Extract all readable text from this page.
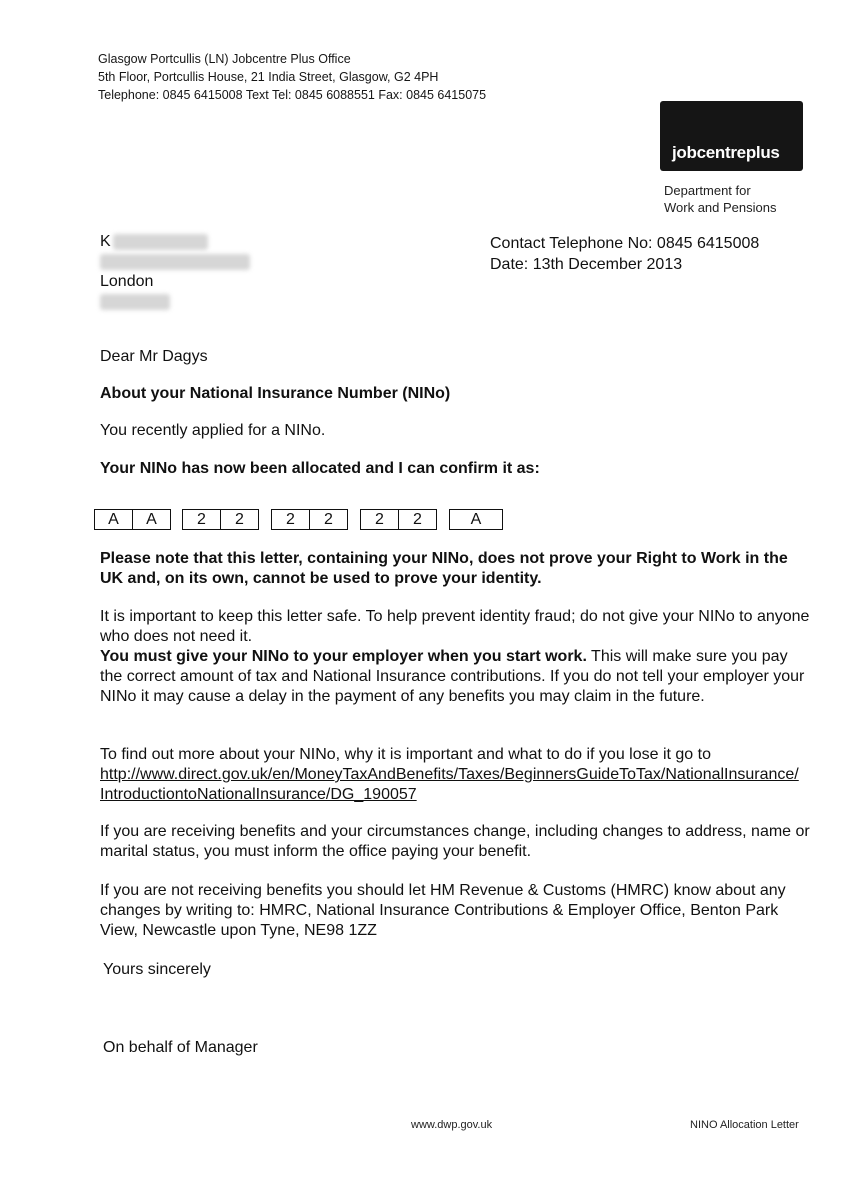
Glasgow Portcullis (LN) Jobcentre Plus Office
5th Floor, Portcullis House, 21 India Street, Glasgow, G2 4PH
Telephone: 0845 6415008 Text Tel: 0845 6088551 Fax: 0845 6415075
jobcentreplus
Department for
Work and Pensions
K
London
Contact Telephone No: 0845 6415008
Date: 13th December 2013
Dear Mr Dagys
About your National Insurance Number (NINo)
You recently applied for a NINo.
Your NINo has now been allocated and I can confirm it as:
A	A	2	2	2	2	2	2	A
Please note that this letter, containing your NINo, does not prove your Right to Work in the UK and, on its own, cannot be used to prove your identity.
It is important to keep this letter safe. To help prevent identity fraud; do not give your NINo to anyone who does not need it.
You must give your NINo to your employer when you start work. This will make sure you pay the correct amount of tax and National Insurance contributions. If you do not tell your employer your NINo it may cause a delay in the payment of any benefits you may claim in the future.
To find out more about your NINo, why it is important and what to do if you lose it go to
http://www.direct.gov.uk/en/MoneyTaxAndBenefits/Taxes/BeginnersGuideToTax/NationalInsurance/IntroductiontoNationalInsurance/DG_190057
If you are receiving benefits and your circumstances change, including changes to address, name or marital status, you must inform the office paying your benefit.
If you are not receiving benefits you should let HM Revenue & Customs (HMRC) know about any changes by writing to: HMRC, National Insurance Contributions & Employer Office, Benton Park View, Newcastle upon Tyne, NE98 1ZZ
Yours sincerely
On behalf of Manager
www.dwp.gov.uk	NINO Allocation Letter
